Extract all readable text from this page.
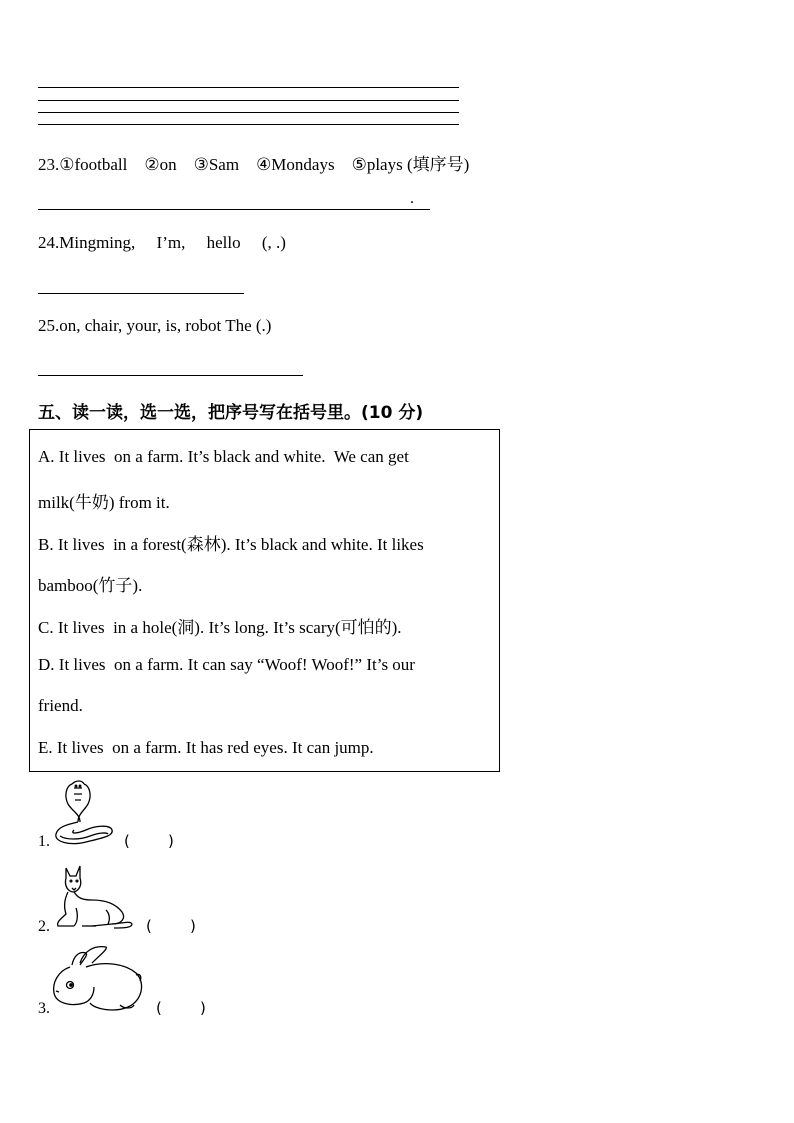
23.①football    ②on    ③Sam    ④Mondays    ⑤plays (填序号)
.
24.Mingming,     I’m,     hello     (, .)
25.on, chair, your, is, robot The (.)
五、读一读，选一选，把序号写在括号里。(10 分)
A. It lives  on a farm. It’s black and white.  We can get
milk(牛奶) from it.
B. It lives  in a forest(森林). It’s black and white. It likes
bamboo(竹子).
C. It lives  in a hole(洞). It’s long. It’s scary(可怕的).
D. It lives  on a farm. It can say “Woof! Woof!” It’s our
friend.
E. It lives  on a farm. It has red eyes. It can jump.
1.	(        )
2.	(        )
3.	(        )
